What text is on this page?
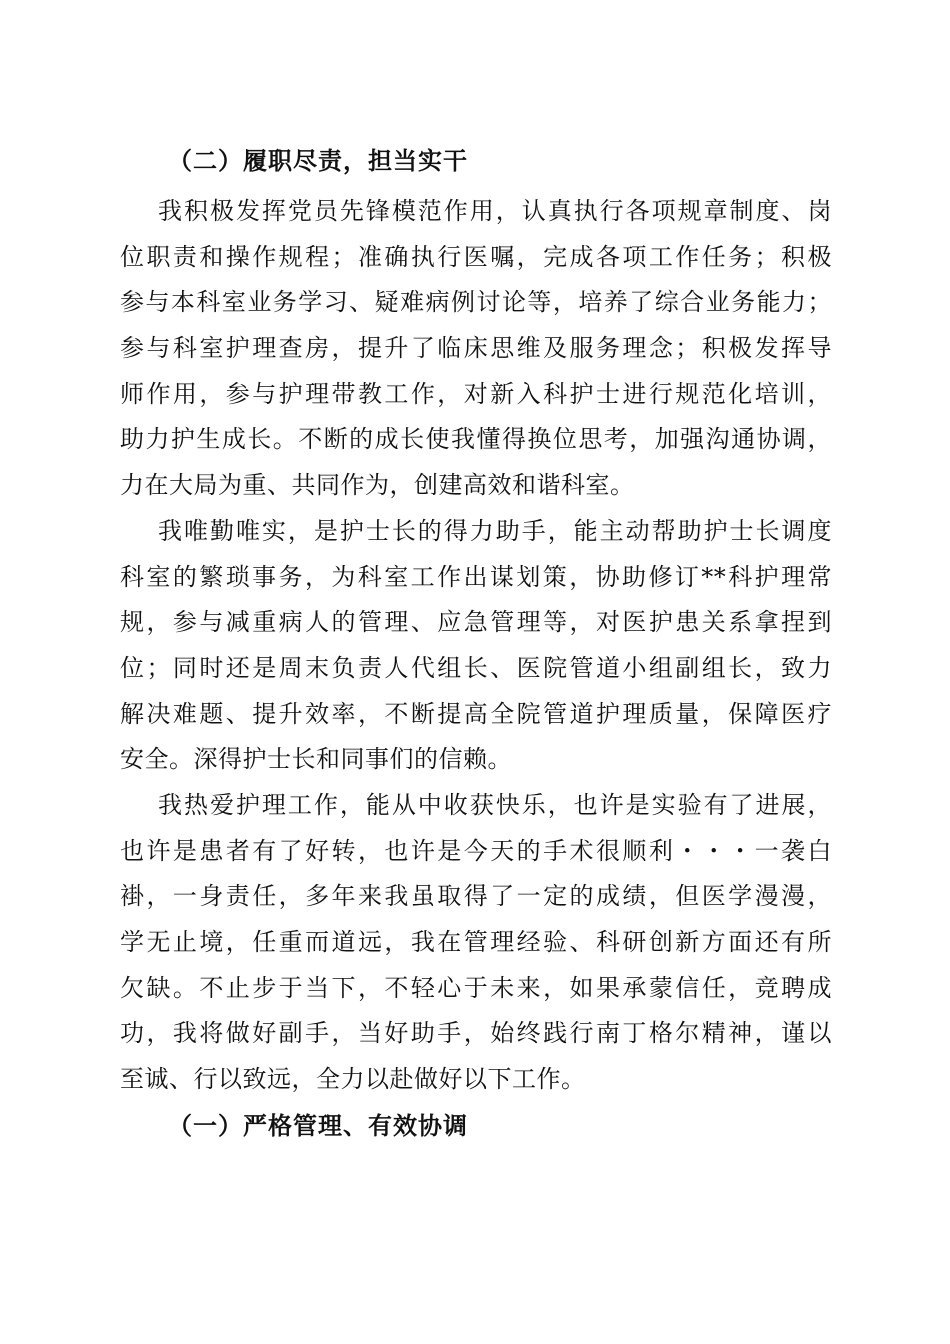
（二）履职尽责，担当实干
我积极发挥党员先锋模范作用，认真执行各项规章制度、岗
位职责和操作规程；准确执行医嘱，完成各项工作任务；积极
参与本科室业务学习、疑难病例讨论等，培养了综合业务能力；
参与科室护理查房，提升了临床思维及服务理念；积极发挥导
师作用，参与护理带教工作，对新入科护士进行规范化培训，
助力护生成长。不断的成长使我懂得换位思考，加强沟通协调，
力在大局为重、共同作为，创建高效和谐科室。
我唯勤唯实，是护士长的得力助手，能主动帮助护士长调度
科室的繁琐事务，为科室工作出谋划策，协助修订**科护理常
规，参与减重病人的管理、应急管理等，对医护患关系拿捏到
位；同时还是周末负责人代组长、医院管道小组副组长，致力
解决难题、提升效率，不断提高全院管道护理质量，保障医疗
安全。深得护士长和同事们的信赖。
我热爱护理工作，能从中收获快乐，也许是实验有了进展，
也许是患者有了好转，也许是今天的手术很顺利・・・一袭白
褂，一身责任，多年来我虽取得了一定的成绩，但医学漫漫，
学无止境，任重而道远，我在管理经验、科研创新方面还有所
欠缺。不止步于当下，不轻心于未来，如果承蒙信任，竞聘成
功，我将做好副手，当好助手，始终践行南丁格尔精神，谨以
至诚、行以致远，全力以赴做好以下工作。
（一）严格管理、有效协调
